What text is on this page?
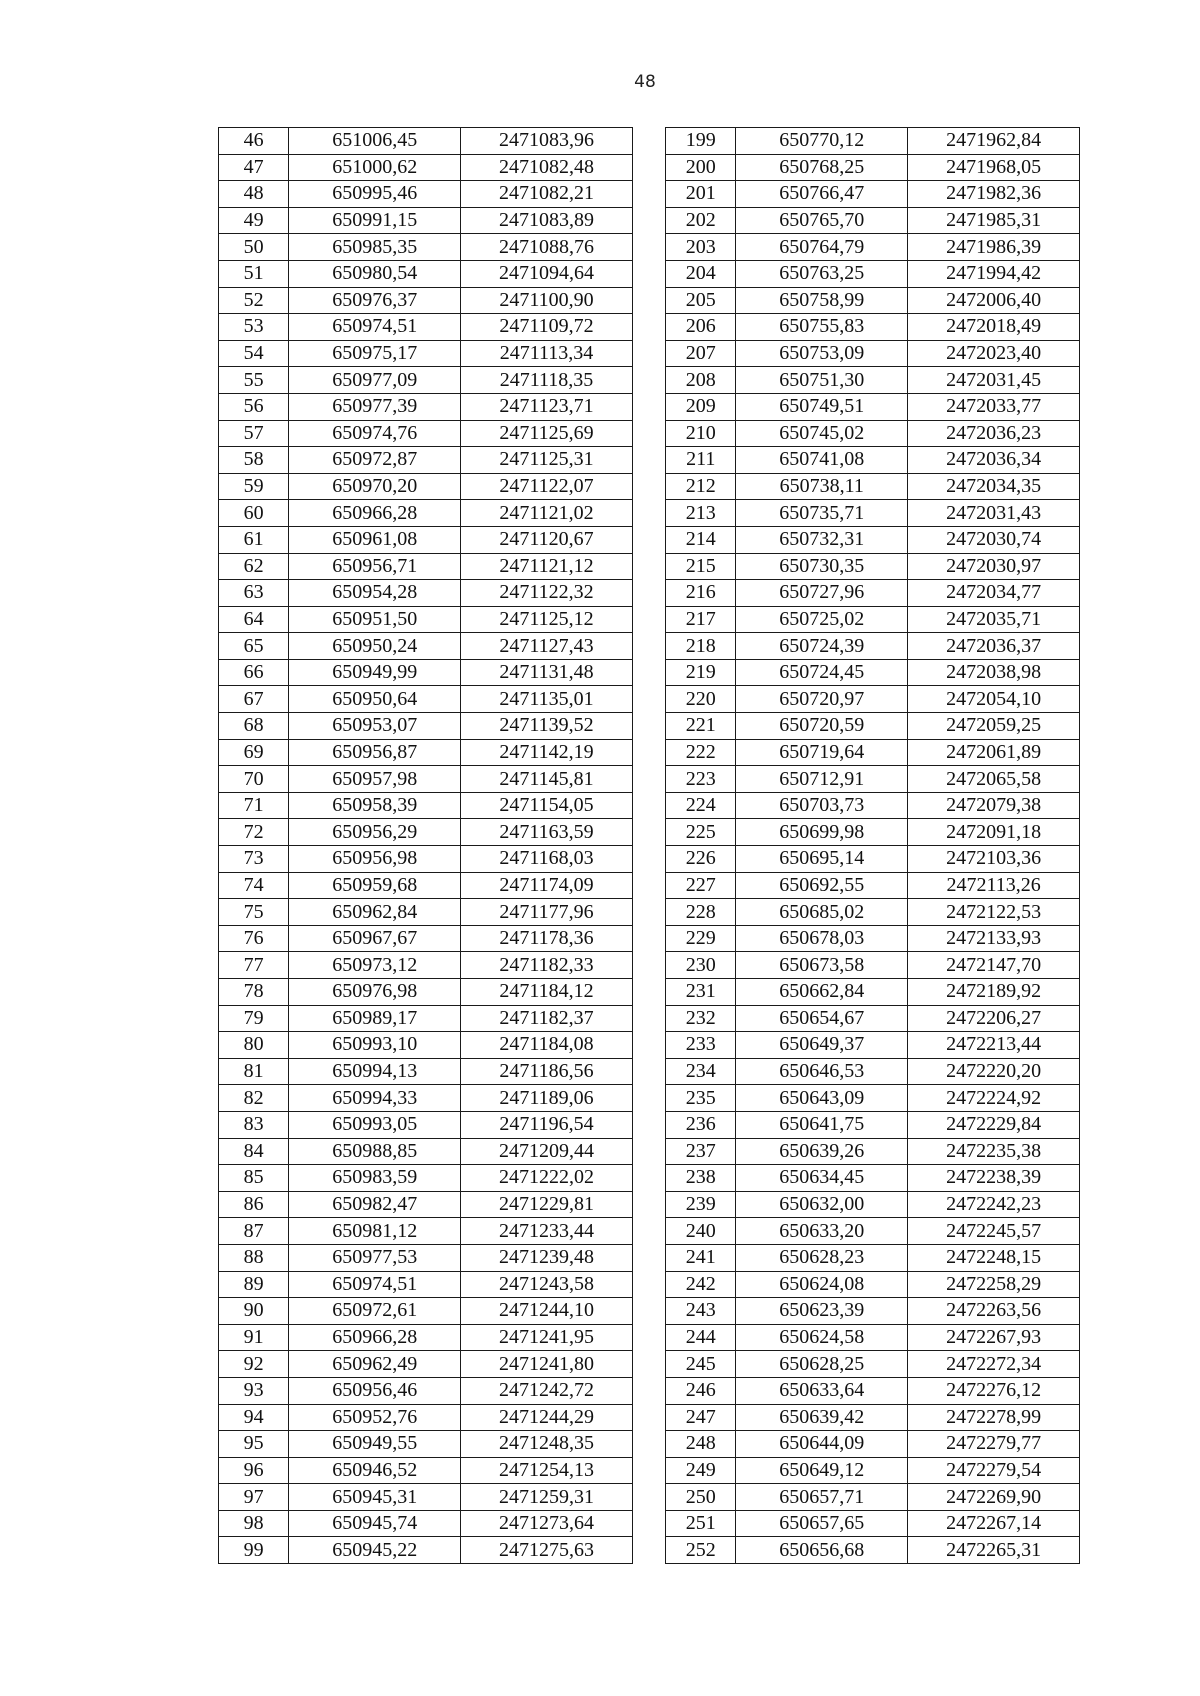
48
46	651006,45	2471083,96		199	650770,12	2471962,84
47	651000,62	2471082,48		200	650768,25	2471968,05
48	650995,46	2471082,21		201	650766,47	2471982,36
49	650991,15	2471083,89		202	650765,70	2471985,31
50	650985,35	2471088,76		203	650764,79	2471986,39
51	650980,54	2471094,64		204	650763,25	2471994,42
52	650976,37	2471100,90		205	650758,99	2472006,40
53	650974,51	2471109,72		206	650755,83	2472018,49
54	650975,17	2471113,34		207	650753,09	2472023,40
55	650977,09	2471118,35		208	650751,30	2472031,45
56	650977,39	2471123,71		209	650749,51	2472033,77
57	650974,76	2471125,69		210	650745,02	2472036,23
58	650972,87	2471125,31		211	650741,08	2472036,34
59	650970,20	2471122,07		212	650738,11	2472034,35
60	650966,28	2471121,02		213	650735,71	2472031,43
61	650961,08	2471120,67		214	650732,31	2472030,74
62	650956,71	2471121,12		215	650730,35	2472030,97
63	650954,28	2471122,32		216	650727,96	2472034,77
64	650951,50	2471125,12		217	650725,02	2472035,71
65	650950,24	2471127,43		218	650724,39	2472036,37
66	650949,99	2471131,48		219	650724,45	2472038,98
67	650950,64	2471135,01		220	650720,97	2472054,10
68	650953,07	2471139,52		221	650720,59	2472059,25
69	650956,87	2471142,19		222	650719,64	2472061,89
70	650957,98	2471145,81		223	650712,91	2472065,58
71	650958,39	2471154,05		224	650703,73	2472079,38
72	650956,29	2471163,59		225	650699,98	2472091,18
73	650956,98	2471168,03		226	650695,14	2472103,36
74	650959,68	2471174,09		227	650692,55	2472113,26
75	650962,84	2471177,96		228	650685,02	2472122,53
76	650967,67	2471178,36		229	650678,03	2472133,93
77	650973,12	2471182,33		230	650673,58	2472147,70
78	650976,98	2471184,12		231	650662,84	2472189,92
79	650989,17	2471182,37		232	650654,67	2472206,27
80	650993,10	2471184,08		233	650649,37	2472213,44
81	650994,13	2471186,56		234	650646,53	2472220,20
82	650994,33	2471189,06		235	650643,09	2472224,92
83	650993,05	2471196,54		236	650641,75	2472229,84
84	650988,85	2471209,44		237	650639,26	2472235,38
85	650983,59	2471222,02		238	650634,45	2472238,39
86	650982,47	2471229,81		239	650632,00	2472242,23
87	650981,12	2471233,44		240	650633,20	2472245,57
88	650977,53	2471239,48		241	650628,23	2472248,15
89	650974,51	2471243,58		242	650624,08	2472258,29
90	650972,61	2471244,10		243	650623,39	2472263,56
91	650966,28	2471241,95		244	650624,58	2472267,93
92	650962,49	2471241,80		245	650628,25	2472272,34
93	650956,46	2471242,72		246	650633,64	2472276,12
94	650952,76	2471244,29		247	650639,42	2472278,99
95	650949,55	2471248,35		248	650644,09	2472279,77
96	650946,52	2471254,13		249	650649,12	2472279,54
97	650945,31	2471259,31		250	650657,71	2472269,90
98	650945,74	2471273,64		251	650657,65	2472267,14
99	650945,22	2471275,63		252	650656,68	2472265,31
